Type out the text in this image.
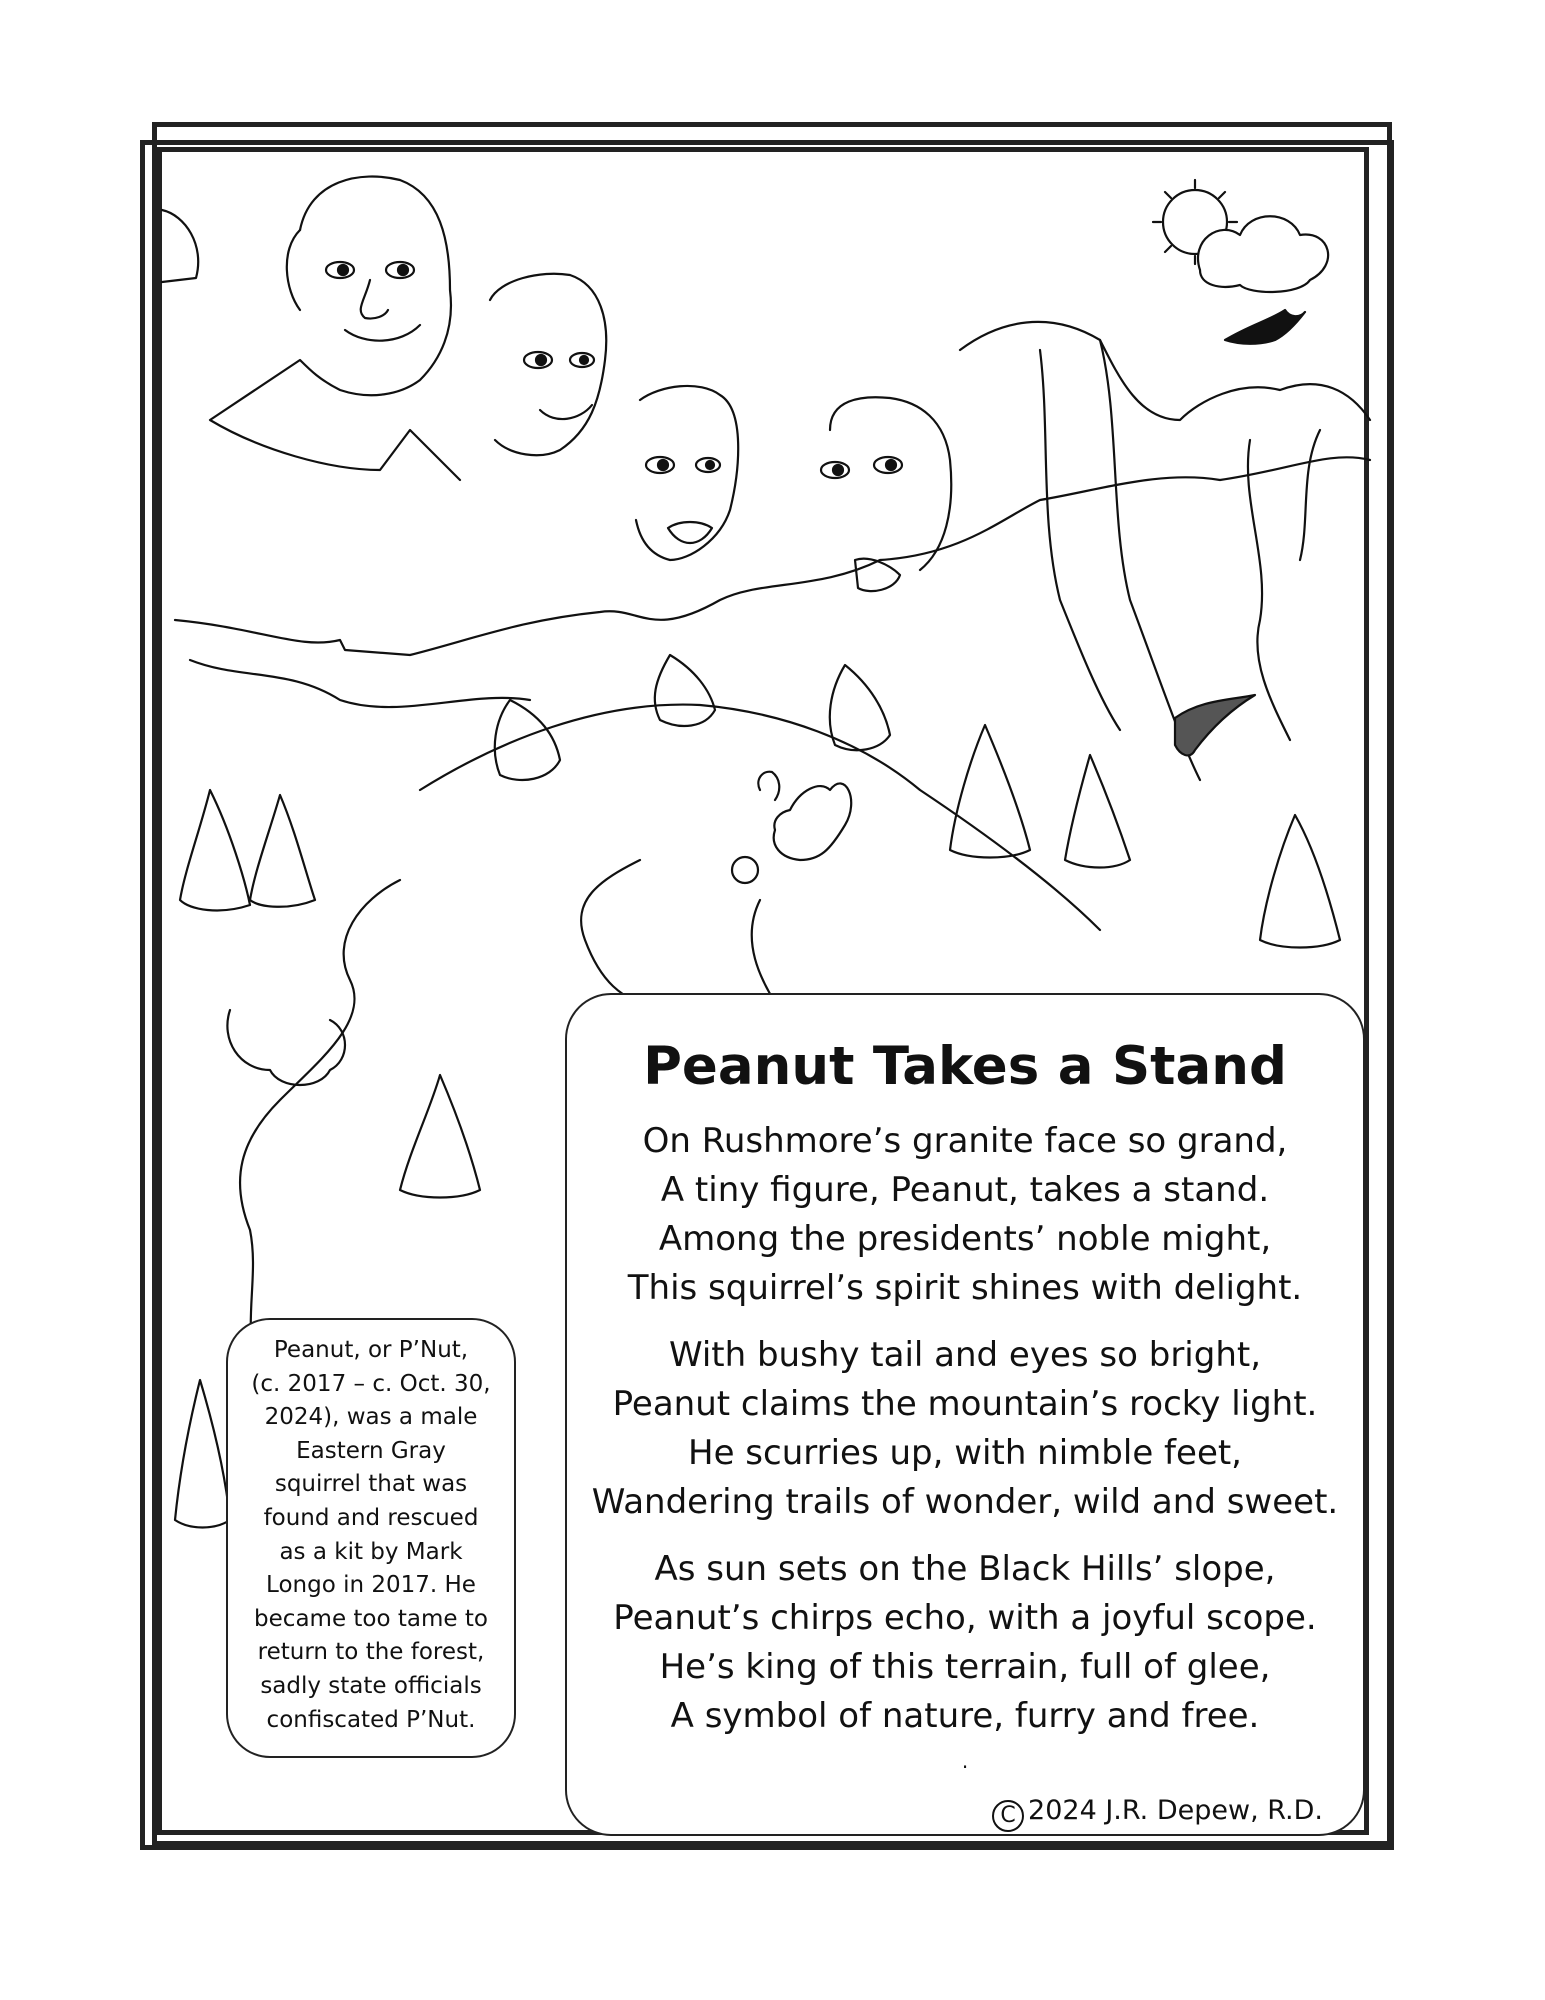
Peanut Takes a Stand
On Rushmore’s granite face so grand,
A tiny figure, Peanut, takes a stand.
Among the presidents’ noble might,
This squirrel’s spirit shines with delight.
With bushy tail and eyes so bright,
Peanut claims the mountain’s rocky light.
He scurries up, with nimble feet,
Wandering trails of wonder, wild and sweet.
As sun sets on the Black Hills’ slope,
Peanut’s chirps echo, with a joyful scope.
He’s king of this terrain, full of glee,
A symbol of nature, furry and free.
.
C 2024 J.R. Depew, R.D.
Peanut, or P’Nut,
(c. 2017 – c. Oct. 30,
2024), was a male
Eastern Gray
squirrel that was
found and rescued
as a kit by Mark
Longo in 2017. He
became too tame to
return to the forest,
sadly state officials
confiscated P’Nut.
